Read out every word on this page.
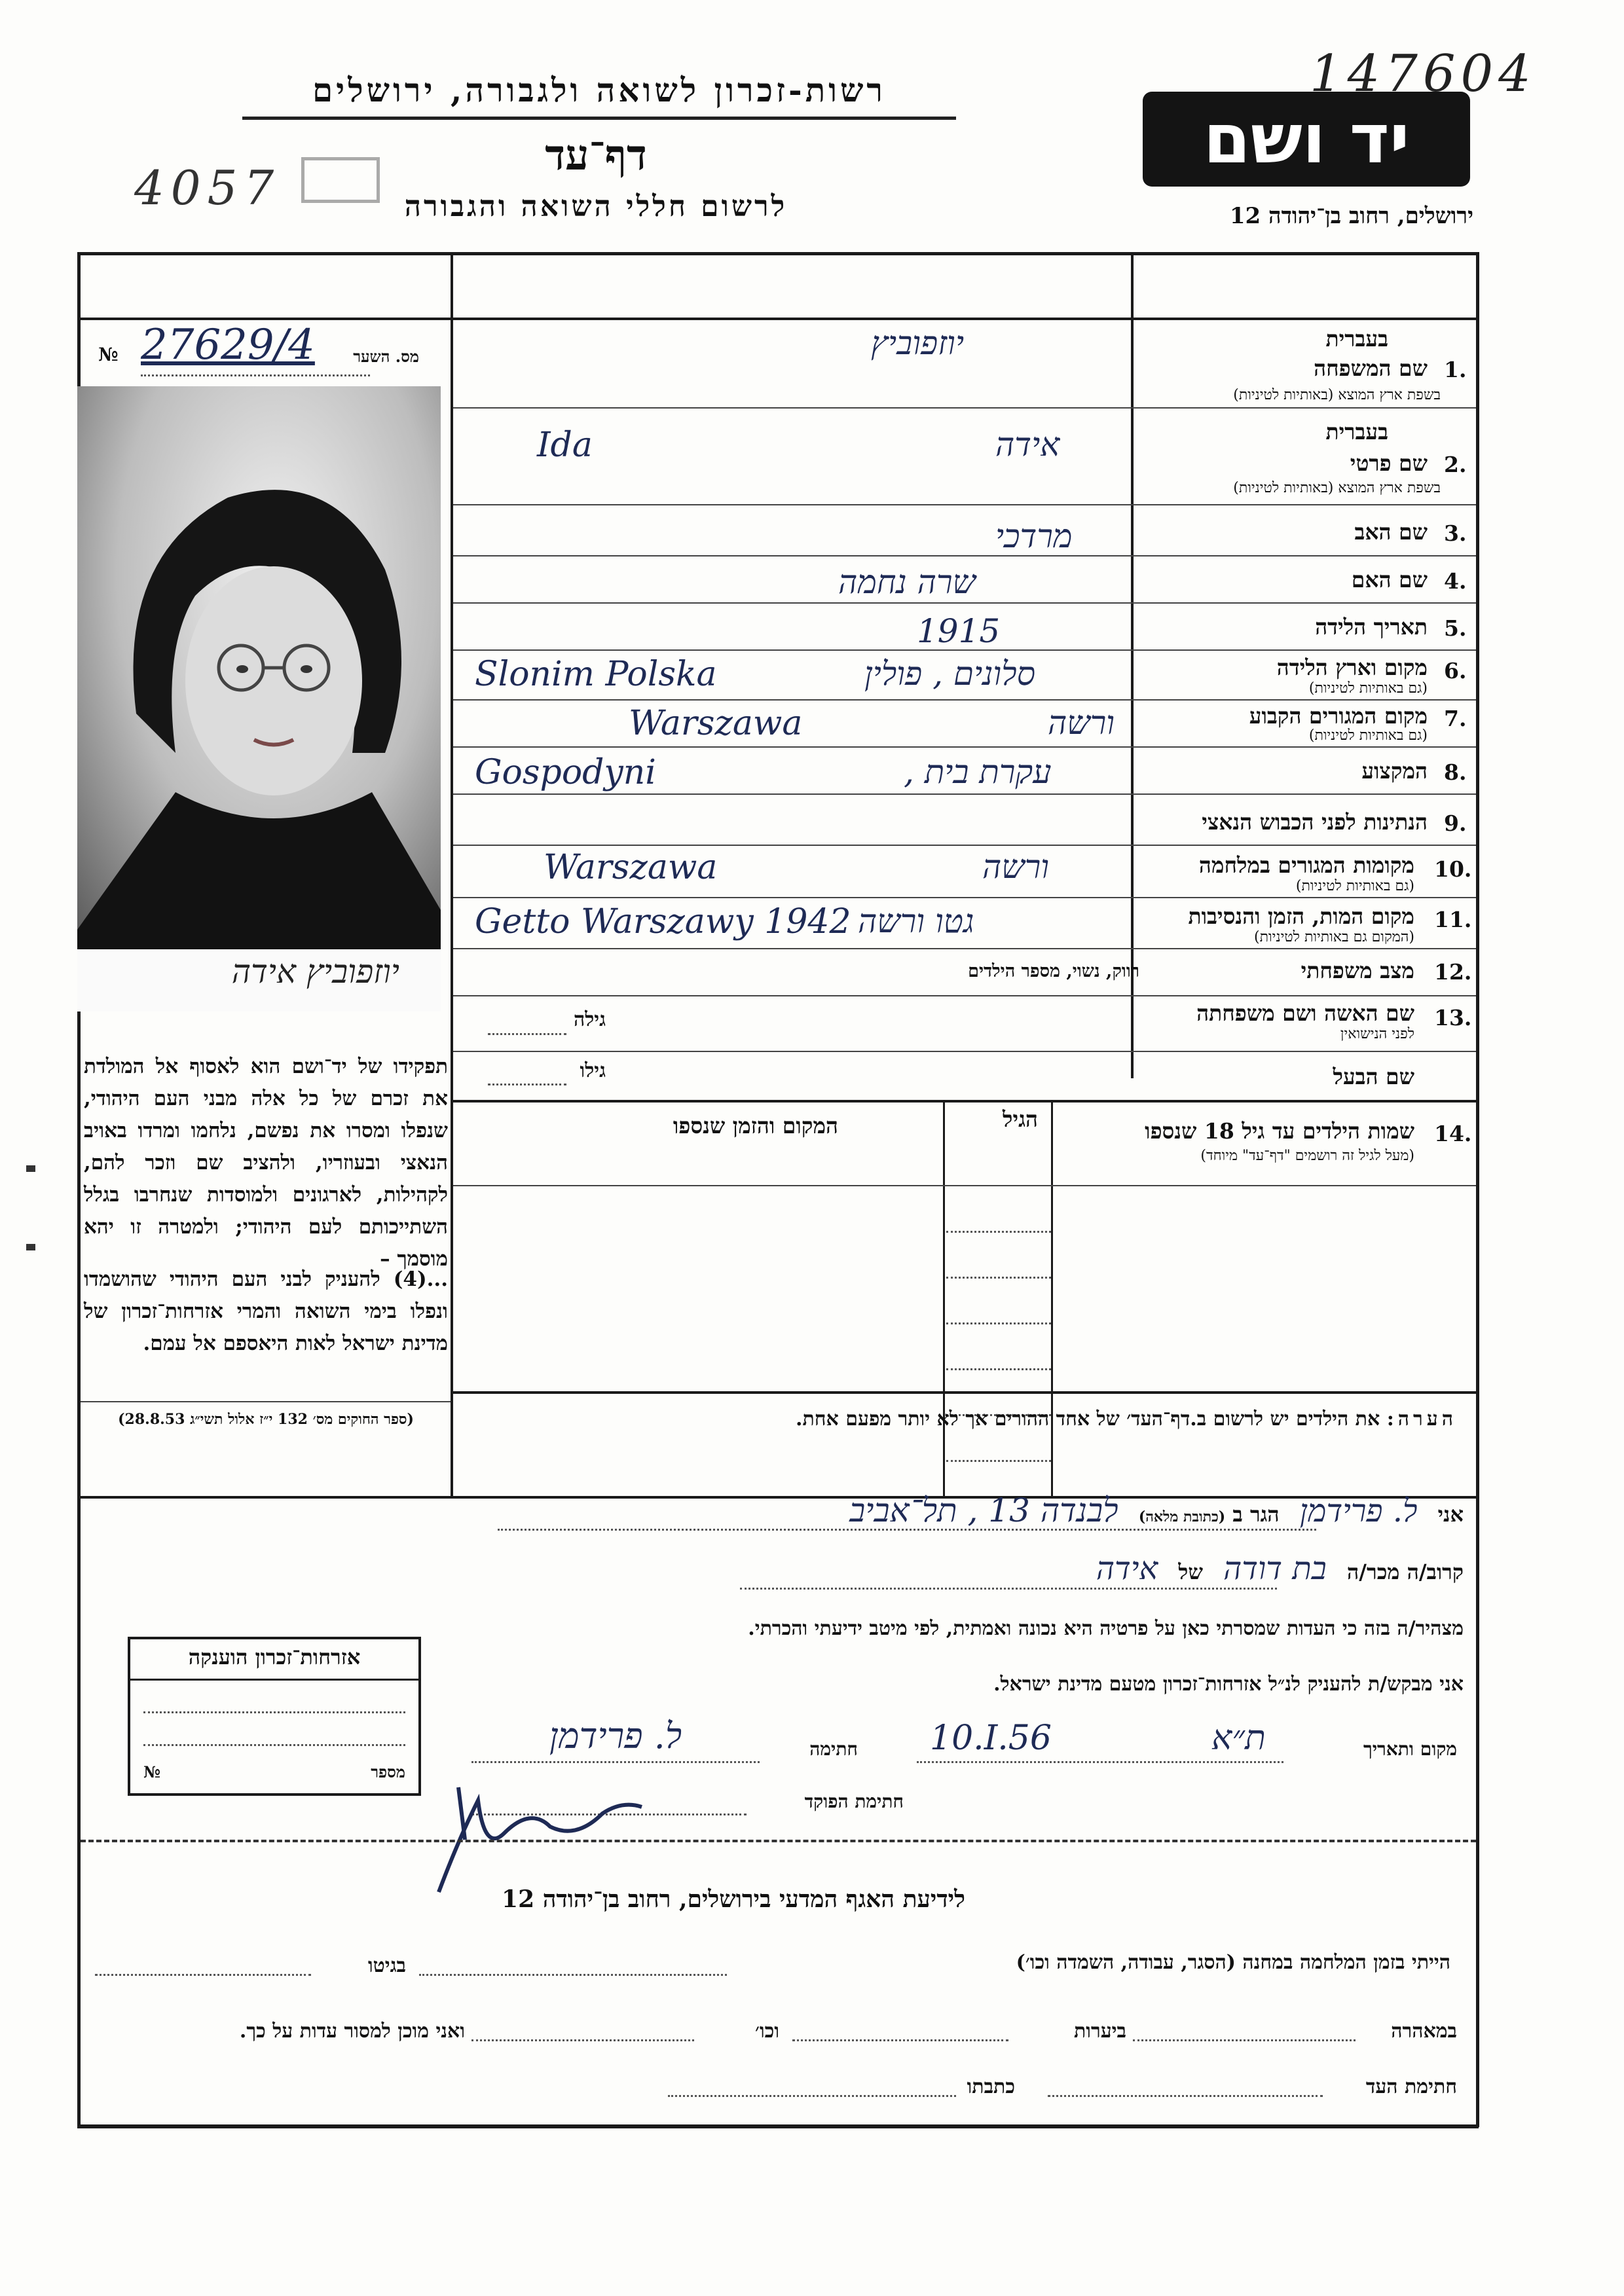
רשות-זכרון לשואה ולגבורה, ירושלים
דף־עד
לרשום חללי השואה והגבורה
4057
יד ושם
ירושלים, רחוב בן־יהודה 12
147604
מס. השער
27629/4
№
יוזפוביץ אידה
תפקידו של יד־ושם הוא לאסוף אל המולדת את זכרם של כל אלה מבני העם היהודי, שנפלו ומסרו את נפשם, נלחמו ומרדו באויב הנאצי ובעוזריו, ולהציב שם וזכר להם, לקהילות, לארגונים ולמוסדות שנחרבו בגלל השתייכותם לעם היהודי; ולמטרה זו יהא מוסמך –
...(4) להעניק לבני העם היהודי שהושמדו ונפלו בימי השואה והמרי אזרחות־זכרון של מדינת ישראל לאות היאספם אל עמם.
(ספר החוקים מס׳ 132 י״ז אלול תשי״ג 28.8.53)
1.
2.
3.
4.
5.
6.
7.
8.
9.
10.
11.
12.
13.
בעברית
שם המשפחה
בשפת ארץ המוצא (באותיות לטיניות)
בעברית
שם פרטי
בשפת ארץ המוצא (באותיות לטיניות)
שם האב
שם האם
תאריך הלידה
מקום וארץ הלידה
(גם באותיות לטיניות)
מקום המגורים הקבוע
(גם באותיות לטיניות)
המקצוע
הנתינות לפני הכבוש הנאצי
מקומות המגורים במלחמה
(גם באותיות לטיניות)
מקום המות, הזמן והנסיבות
(המקום גם באותיות לטיניות)
מצב משפחתי
שם האשה ושם משפחתה
לפני הנישואין
שם הבעל
יוזפוביץ
אידה
Ida
מרדכי
שרה נחמה
1915
סלונים , פולין
Slonim Polska
ורשה
Warszawa
עקרת בית ,
Gospodyni
ורשה
Warszawa
גטו ורשה
Getto Warszawy 1942
רווק, נשוי, מספר הילדים
גילה
גילו
14.
שמות הילדים עד גיל 18 שנספו
(מעל לגיל זה רושמים "דף־עד" מיוחד)
הגיל
המקום והזמן שנספו
הערה: את הילדים יש לרשום ב.דף־העד׳ של אחד ההורים אך לא יותר מפעם אחת.
אני ל. פרידמן הגר ב (כתובת מלאה) לבנדה 13 , תל־אביב
קרוב/ה מכר/ה בת דודה של אידה
מצהיר/ה בזה כי העדות שמסרתי כאן על פרטיה היא נכונה ואמתית, לפי מיטב ידיעתי והכרתי.
אני מבקש/ת להעניק לנ״ל אזרחות־זכרון מטעם מדינת ישראל.
מקום ותאריך
ת״א
10.I.56
חתימה
ל. פרידמן
חתימת הפוקד
אזרחות־זכרון הוענקה
מספר
№
לידיעת האגף המדעי בירושלים, רחוב בן־יהודה 12
הייתי בזמן המלחמה במחנה (הסגר, עבודה, השמדה וכו׳)
בגיטו
במאהרה
ביערות
וכו׳
ואני מוכן למסור עדות על כך.
חתימת העד
כתבתו
